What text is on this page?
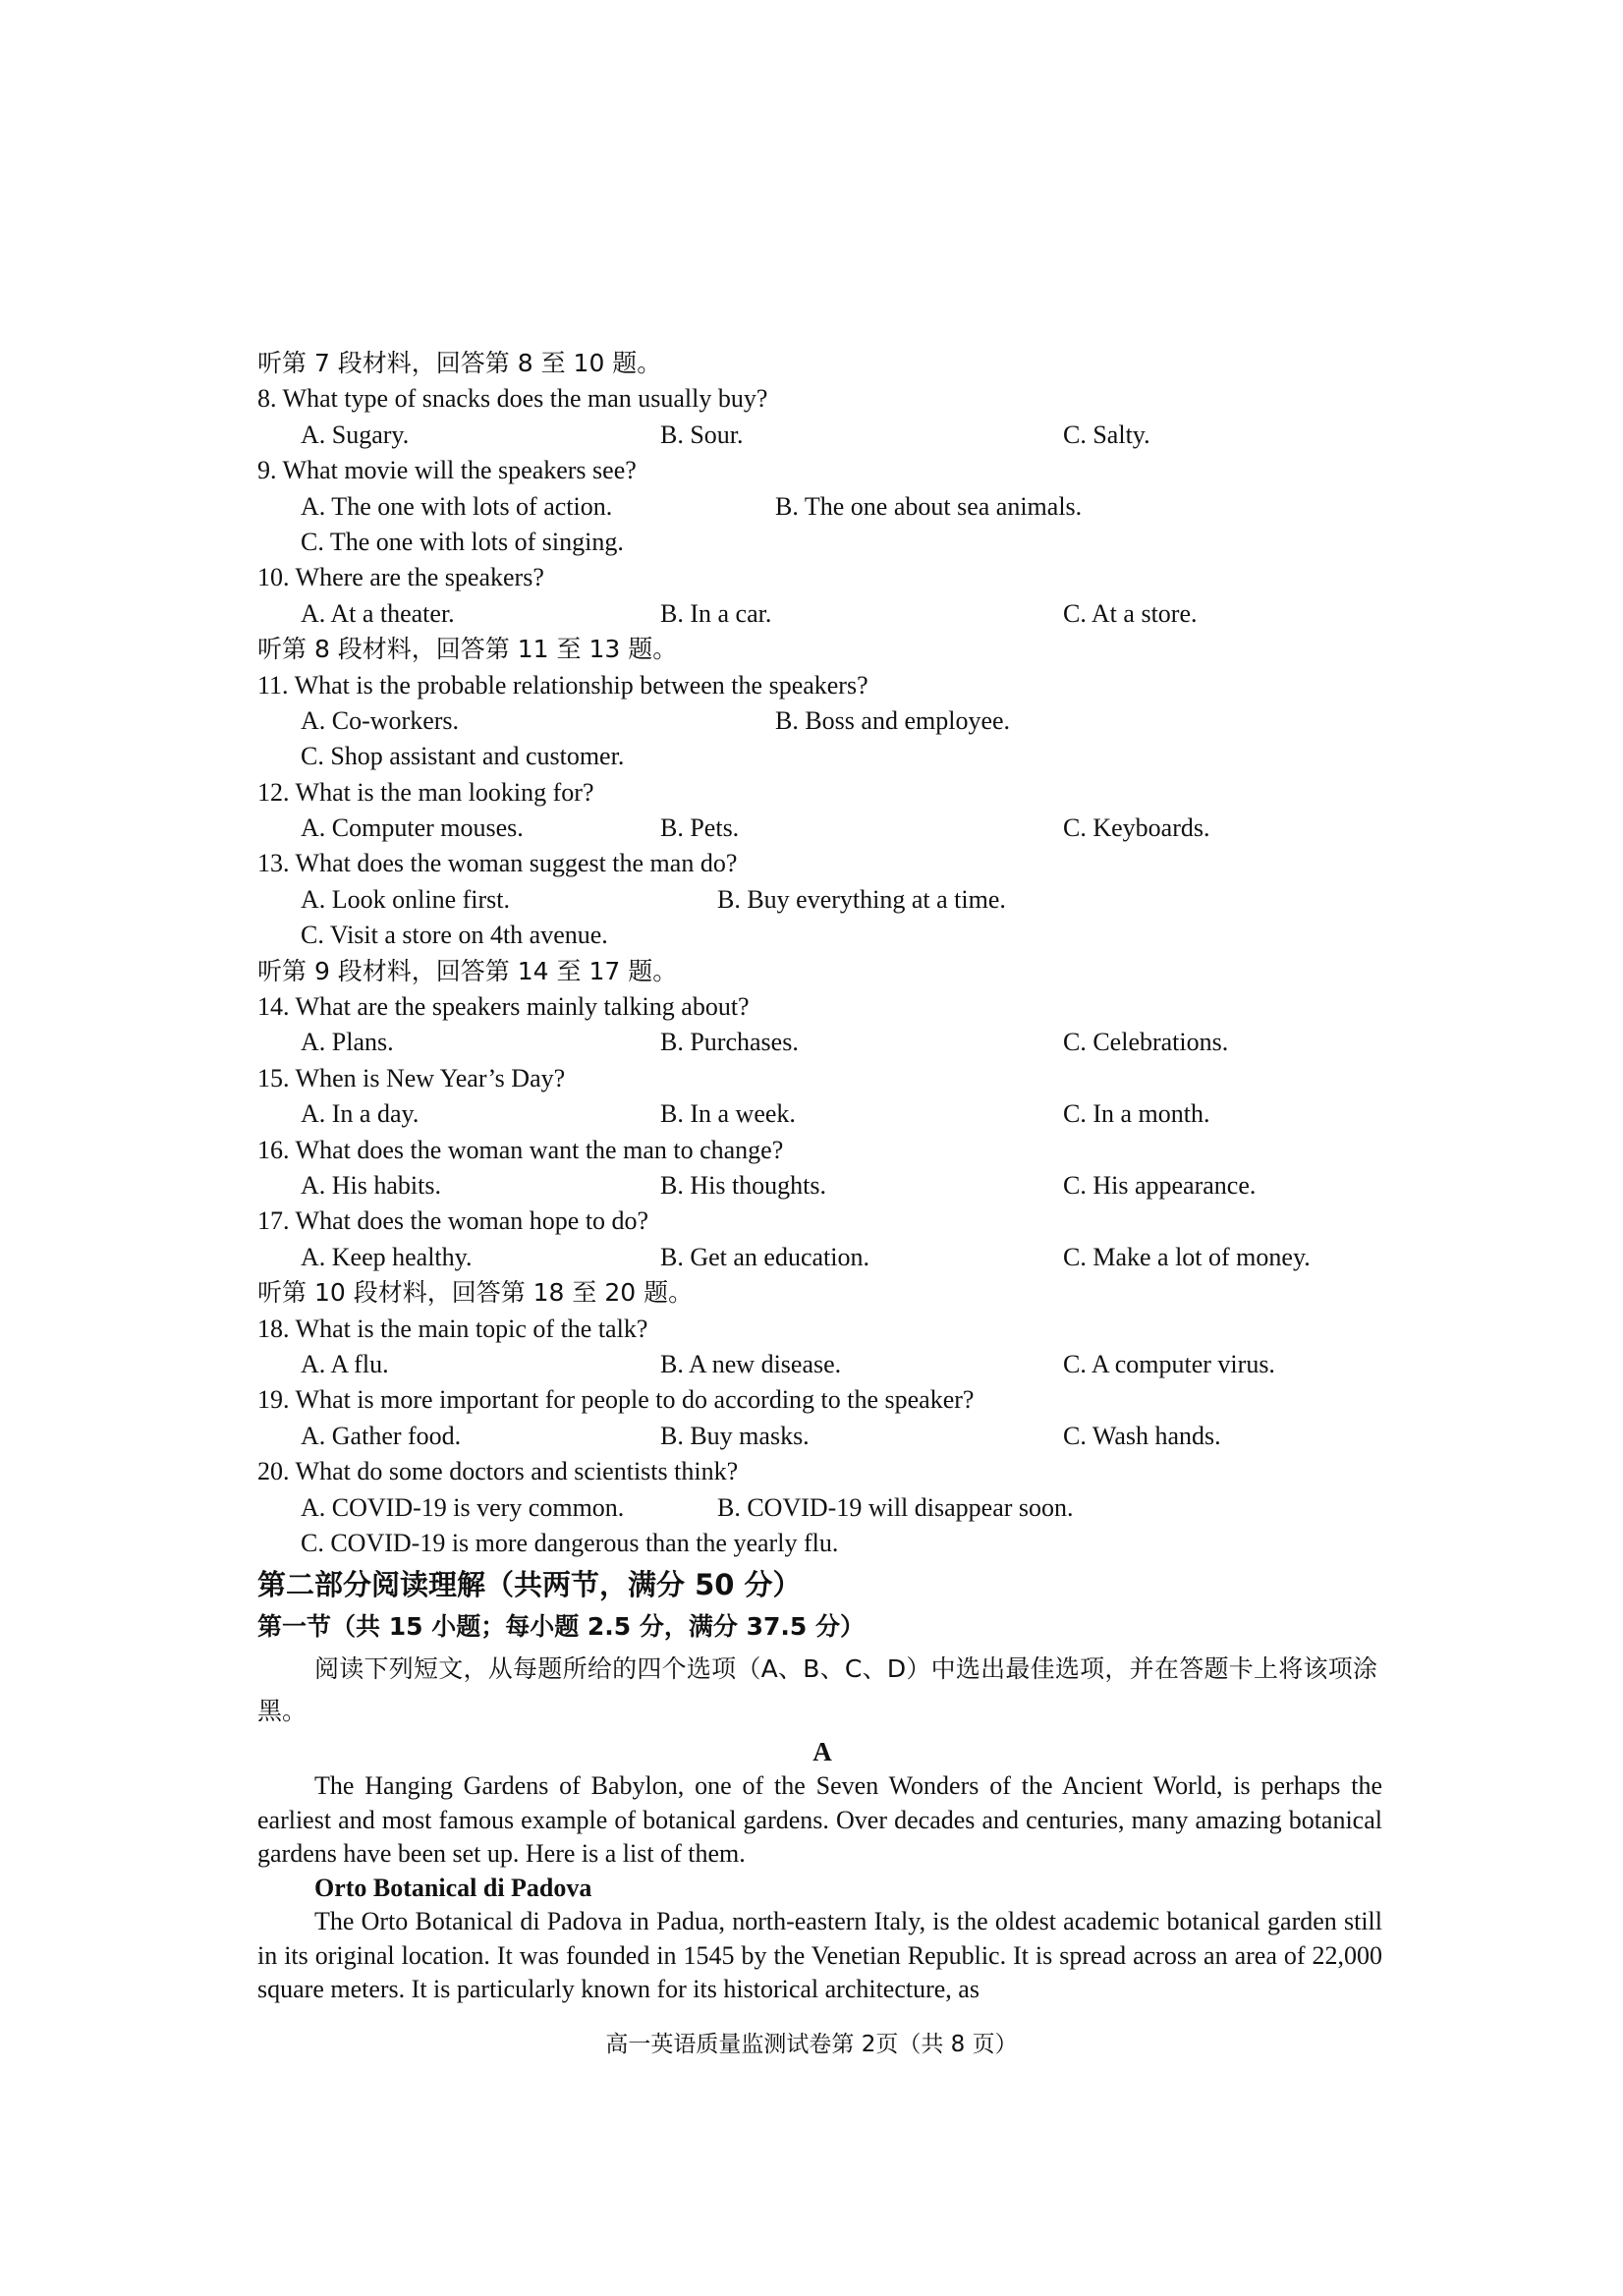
听第 7 段材料，回答第 8 至 10 题。
8. What type of snacks does the man usually buy?
A. Sugary.	B. Sour.	C. Salty.
9. What movie will the speakers see?
A. The one with lots of action.	B. The one about sea animals.
C. The one with lots of singing.
10. Where are the speakers?
A. At a theater.	B. In a car.	C. At a store.
听第 8 段材料，回答第 11 至 13 题。
11. What is the probable relationship between the speakers?
A. Co-workers.	B. Boss and employee.
C. Shop assistant and customer.
12. What is the man looking for?
A. Computer mouses.	B. Pets.	C. Keyboards.
13. What does the woman suggest the man do?
A. Look online first.	B. Buy everything at a time.
C. Visit a store on 4th avenue.
听第 9 段材料，回答第 14 至 17 题。
14. What are the speakers mainly talking about?
A. Plans.	B. Purchases.	C. Celebrations.
15. When is New Year’s Day?
A. In a day.	B. In a week.	C. In a month.
16. What does the woman want the man to change?
A. His habits.	B. His thoughts.	C. His appearance.
17. What does the woman hope to do?
A. Keep healthy.	B. Get an education.	C. Make a lot of money.
听第 10 段材料，回答第 18 至 20 题。
18. What is the main topic of the talk?
A. A flu.	B. A new disease.	C. A computer virus.
19. What is more important for people to do according to the speaker?
A. Gather food.	B. Buy masks.	C. Wash hands.
20. What do some doctors and scientists think?
A. COVID-19 is very common.	B. COVID-19 will disappear soon.
C. COVID-19 is more dangerous than the yearly flu.
第二部分阅读理解（共两节，满分 50 分）
第一节（共 15 小题；每小题 2.5 分，满分 37.5 分）
阅读下列短文，从每题所给的四个选项（A、B、C、D）中选出最佳选项，并在答题卡上将该项涂黑。
A
The Hanging Gardens of Babylon, one of the Seven Wonders of the Ancient World, is perhaps the earliest and most famous example of botanical gardens. Over decades and centuries, many amazing botanical gardens have been set up. Here is a list of them.
Orto Botanical di Padova
The Orto Botanical di Padova in Padua, north-eastern Italy, is the oldest academic botanical garden still in its original location. It was founded in 1545 by the Venetian Republic. It is spread across an area of 22,000 square meters. It is particularly known for its historical architecture, as
高一英语质量监测试卷第 2页（共 8 页）
